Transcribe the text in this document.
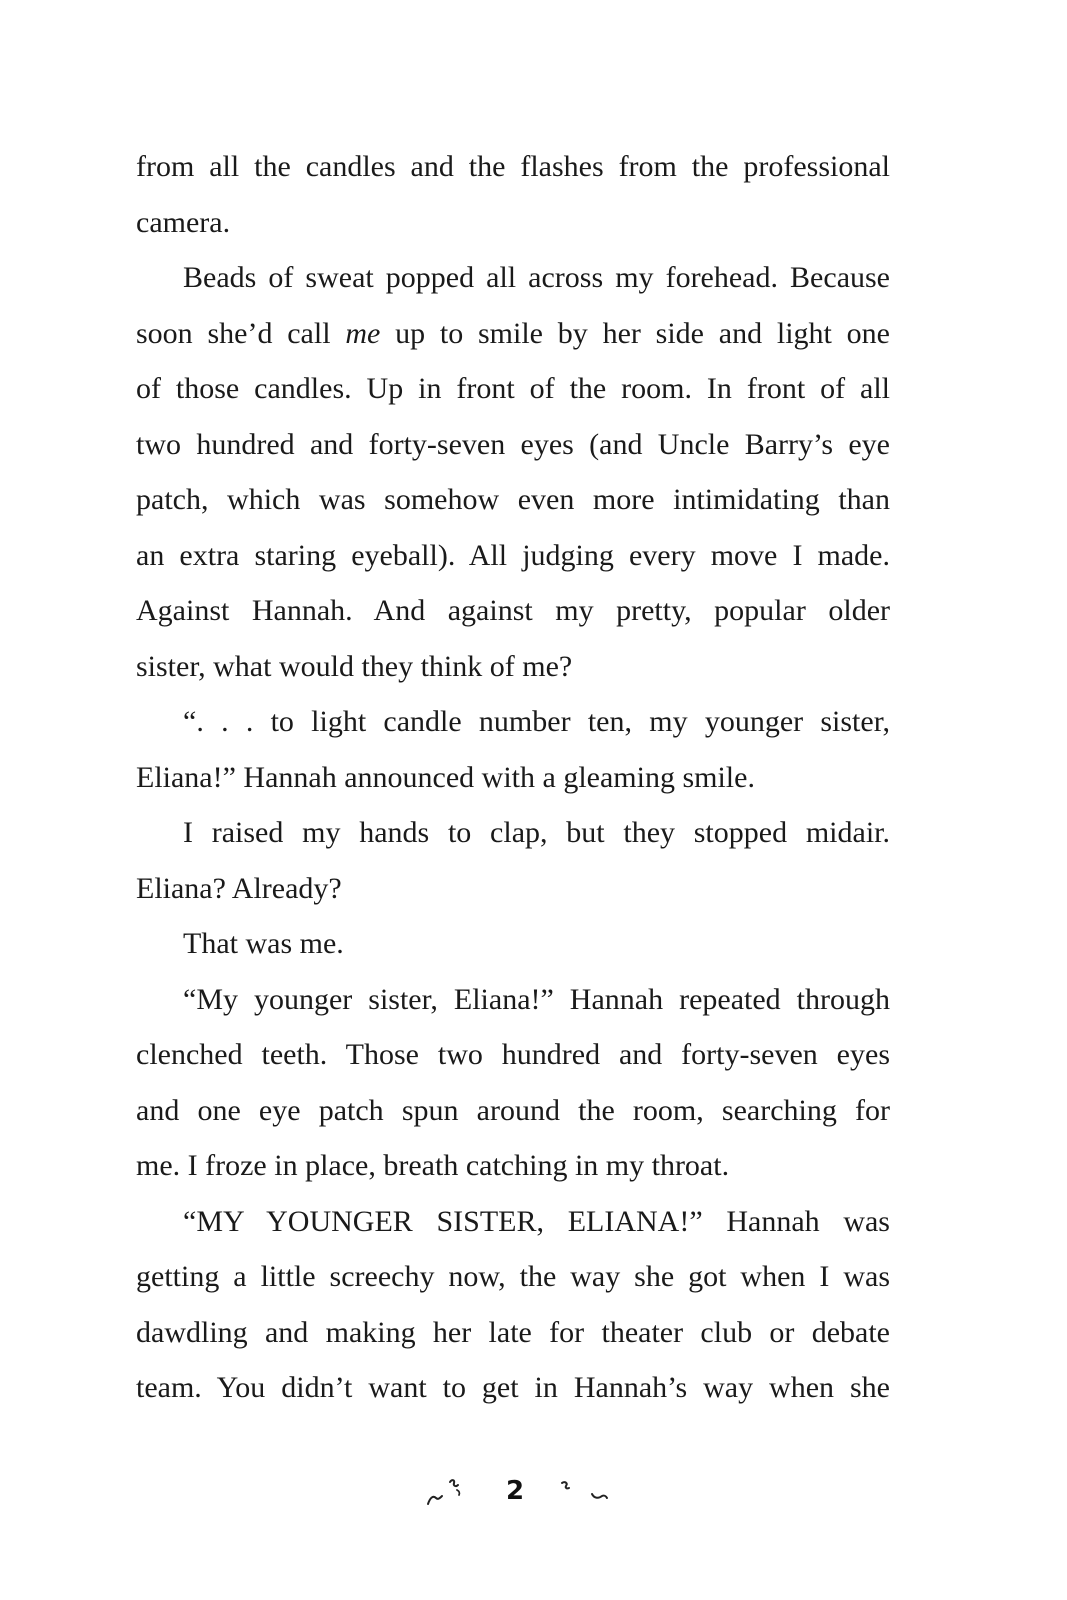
from all the candles and the flashes from the professional
camera.
Beads of sweat popped all across my forehead. Because
soon she’d call me up to smile by her side and light one
of those candles. Up in front of the room. In front of all
two hundred and forty-seven eyes (and Uncle Barry’s eye
patch, which was somehow even more intimidating than
an extra staring eyeball). All judging every move I made.
Against Hannah. And against my pretty, popular older
sister, what would they think of me?
“. . . to light candle number ten, my younger sister,
Eliana!” Hannah announced with a gleaming smile.
I raised my hands to clap, but they stopped midair.
Eliana? Already?
That was me.
“My younger sister, Eliana!” Hannah repeated through
clenched teeth. Those two hundred and forty-seven eyes
and one eye patch spun around the room, searching for
me. I froze in place, breath catching in my throat.
“MY YOUNGER SISTER, ELIANA!” Hannah was
getting a little screechy now, the way she got when I was
dawdling and making her late for theater club or debate
team. You didn’t want to get in Hannah’s way when she
2
